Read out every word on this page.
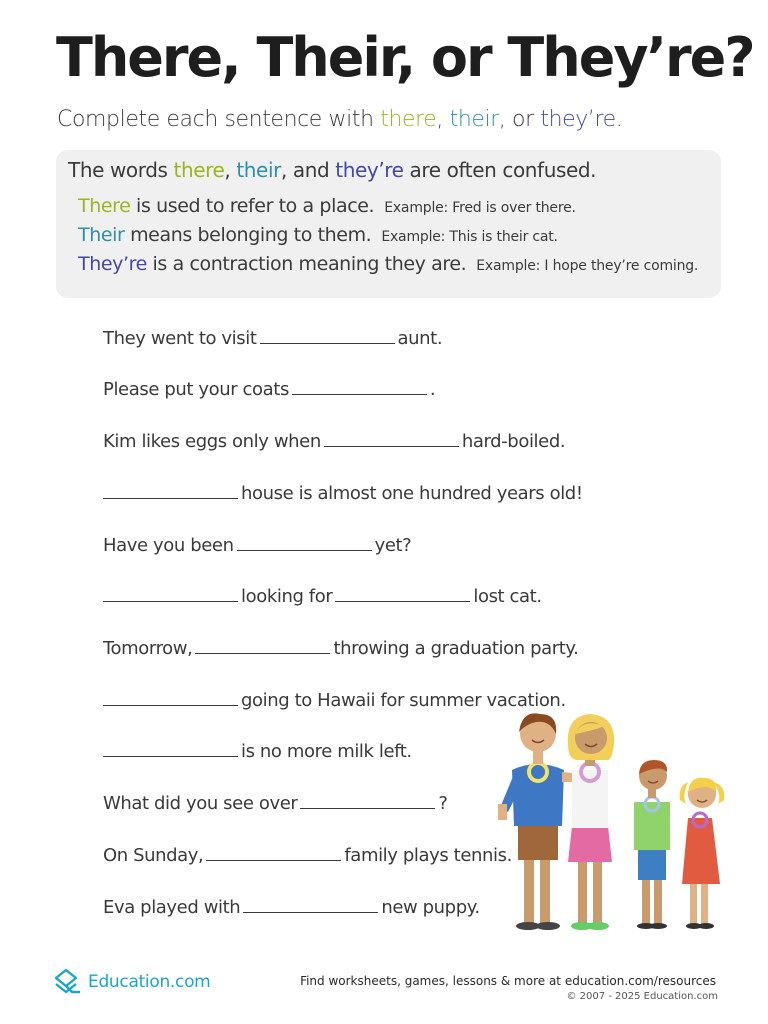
There, Their, or They’re?
Complete each sentence with there, their, or they’re.
The words there, their, and they’re are often confused.
There is used to refer to a place. Example: Fred is over there.
Their means belonging to them. Example: This is their cat.
They’re is a contraction meaning they are. Example: I hope they’re coming.
They went to visit	aunt.
Please put your coats	.
Kim likes eggs only when	hard-boiled.
house is almost one hundred years old!
Have you been	yet?
looking for	lost cat.
Tomorrow,	throwing a graduation party.
going to Hawaii for summer vacation.
is no more milk left.
What did you see over	?
On Sunday,	family plays tennis.
Eva played with	new puppy.
Education.com	Find worksheets, games, lessons & more at education.com/resources
© 2007 - 2025 Education.com
